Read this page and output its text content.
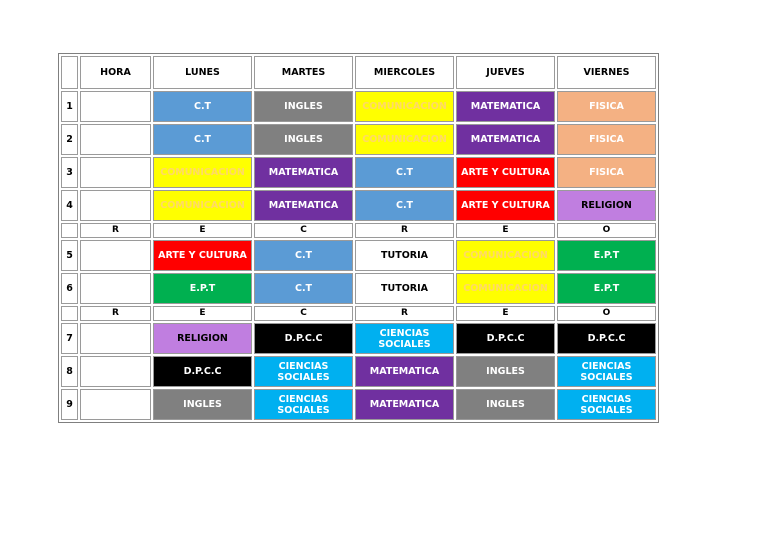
	HORA	LUNES	MARTES	MIERCOLES	JUEVES	VIERNES
1		C.T	INGLES	COMUNICACION	MATEMATICA	FISICA

2		C.T	INGLES	COMUNICACION	MATEMATICA	FISICA

3		COMUNICACION	MATEMATICA	C.T	ARTE Y CULTURA	FISICA

4		COMUNICACION	MATEMATICA	C.T	ARTE Y CULTURA	RELIGION

	R	E	C	R	E	O

5		ARTE Y CULTURA	C.T	TUTORIA	COMUNICACION	E.P.T

6		E.P.T	C.T	TUTORIA	COMUNICACION	E.P.T

	R	E	C	R	E	O

7		RELIGION	D.P.C.C	CIENCIAS SOCIALES	D.P.C.C	D.P.C.C

8		D.P.C.C	CIENCIAS SOCIALES	MATEMATICA	INGLES	CIENCIAS SOCIALES

9		INGLES	CIENCIAS SOCIALES	MATEMATICA	INGLES	CIENCIAS SOCIALES
